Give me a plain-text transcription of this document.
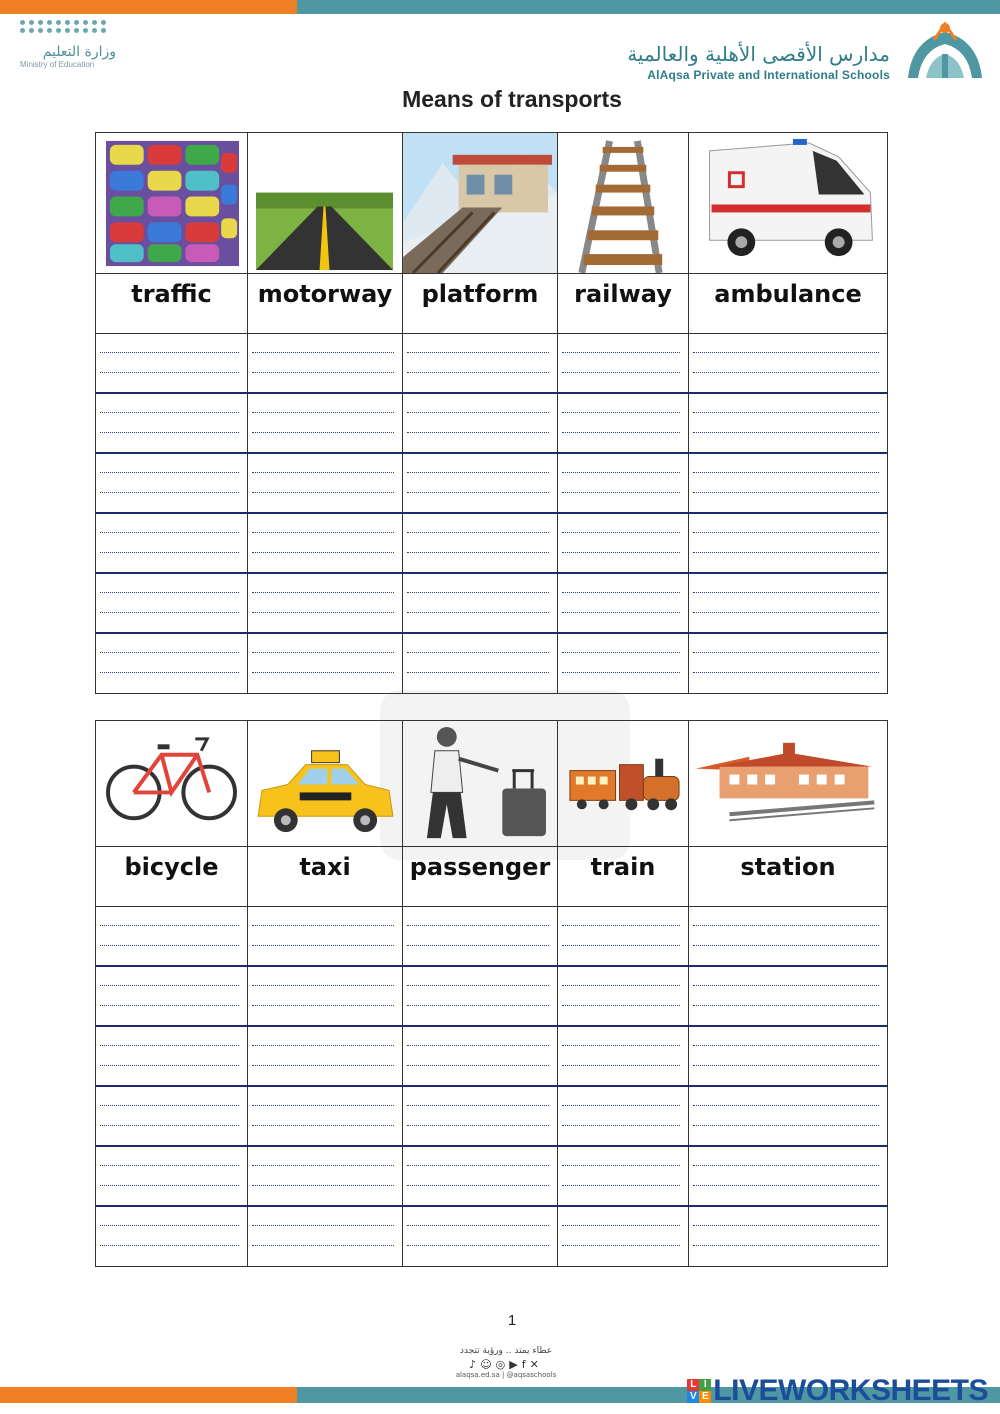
وزارة التعليم
Ministry of Education	مدارس الأقصى الأهلية والعالمية
AlAqsa Private and International Schools
Means of transports
traffic	motorway	platform	railway	ambulance
bicycle	taxi	passenger	train	station
1
عطاء يمتد .. ورؤية تتجدد
♪☺◎▶f✕
alaqsa.ed.sa | @aqsaschools
L I
V E LIVEWORKSHEETS
